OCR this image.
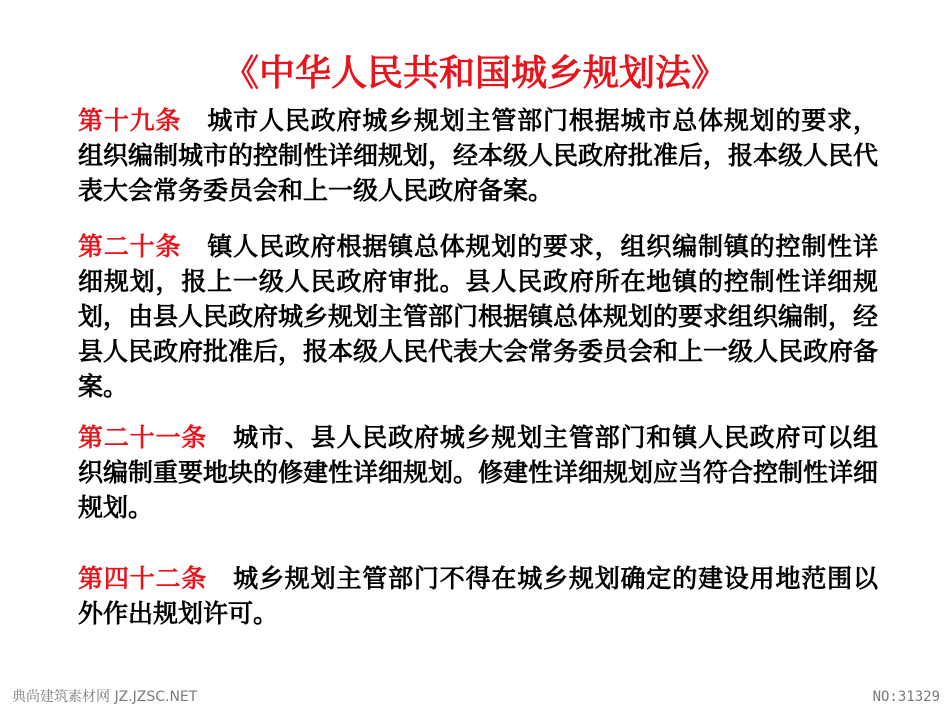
《中华人民共和国城乡规划法》
第十九条 城市人民政府城乡规划主管部门根据城市总体规划的要求，组织编制城市的控制性详细规划，经本级人民政府批准后，报本级人民代表大会常务委员会和上一级人民政府备案。
第二十条 镇人民政府根据镇总体规划的要求，组织编制镇的控制性详细规划，报上一级人民政府审批。县人民政府所在地镇的控制性详细规划，由县人民政府城乡规划主管部门根据镇总体规划的要求组织编制，经县人民政府批准后，报本级人民代表大会常务委员会和上一级人民政府备案。
第二十一条 城市、县人民政府城乡规划主管部门和镇人民政府可以组织编制重要地块的修建性详细规划。修建性详细规划应当符合控制性详细规划。
第四十二条 城乡规划主管部门不得在城乡规划确定的建设用地范围以外作出规划许可。
典尚建筑素材网 JZ.JZSC.NET	NO:31329
